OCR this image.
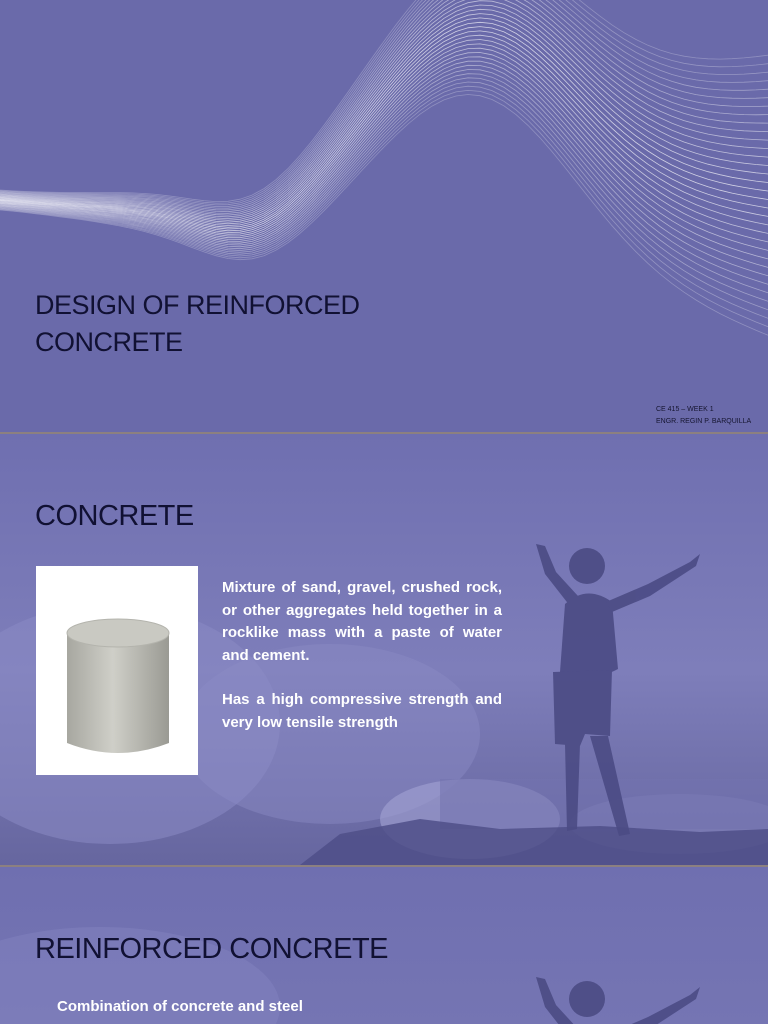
DESIGN OF REINFORCED
CONCRETE
CE 415 – WEEK 1
ENGR. REGIN P. BARQUILLA
CONCRETE

Mixture of sand, gravel, crushed rock, or other aggregates held together in a rocklike mass with a paste of water and cement.

Has a high compressive strength and very low tensile strength

REINFORCED CONCRETE

Combination of concrete and steel
